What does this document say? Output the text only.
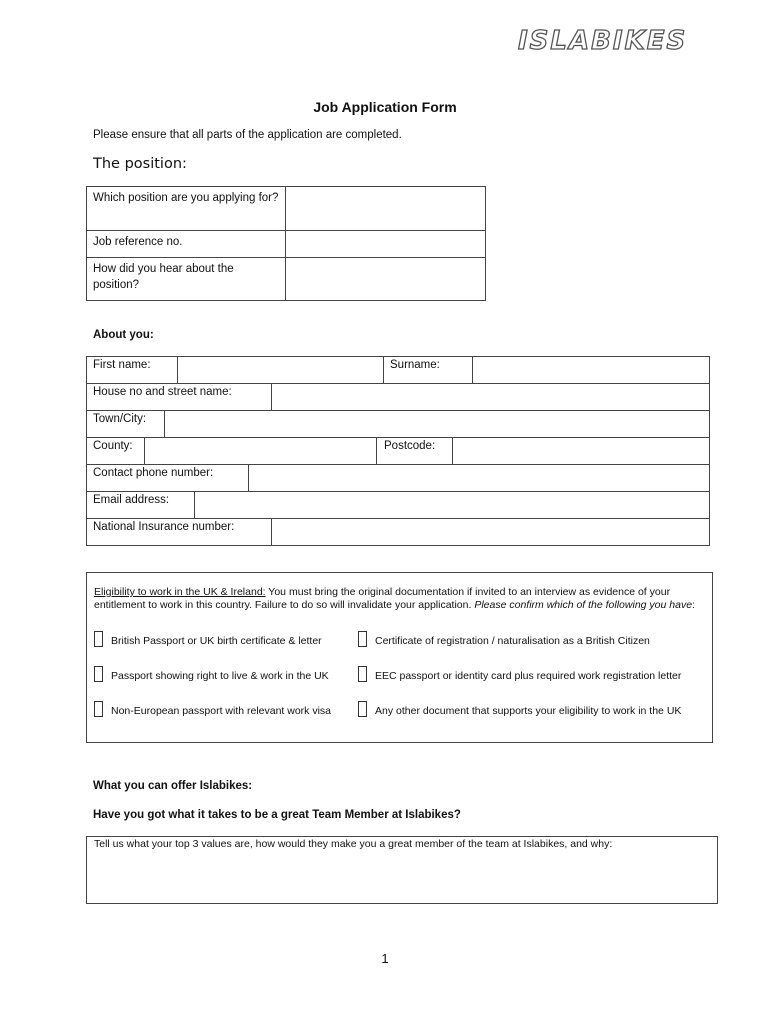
ISLABIKES
Job Application Form
Please ensure that all parts of the application are completed.
The position:
Which position are you applying for?	
Job reference no.	
How did you hear about the position?	
About you:
First name:	Surname:
House no and street name:
Town/City:
County:	Postcode:
Contact phone number:
Email address:
National Insurance number:
Eligibility to work in the UK & Ireland: You must bring the original documentation if invited to an interview as evidence of your entitlement to work in this country. Failure to do so will invalidate your application. Please confirm which of the following you have:
British Passport or UK birth certificate & letter	Certificate of registration / naturalisation as a British Citizen
Passport showing right to live & work in the UK	EEC passport or identity card plus required work registration letter
Non-European passport with relevant work visa	Any other document that supports your eligibility to work in the UK
What you can offer Islabikes:
Have you got what it takes to be a great Team Member at Islabikes?
Tell us what your top 3 values are, how would they make you a great member of the team at Islabikes, and why:
1
